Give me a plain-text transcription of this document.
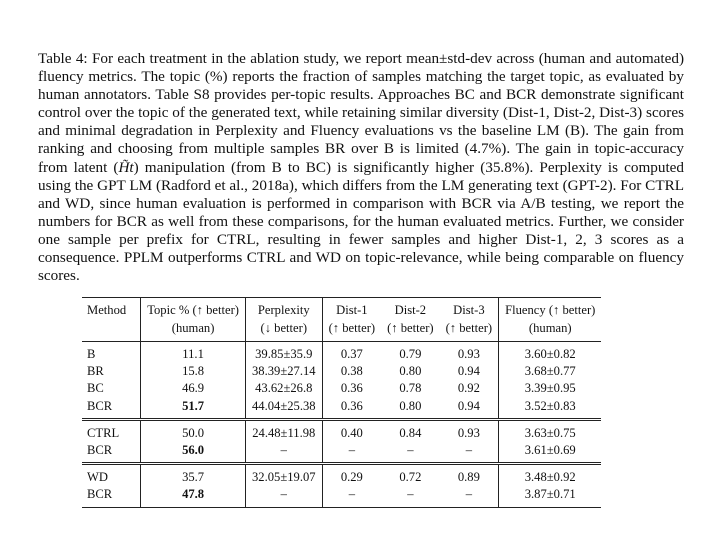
Table 4: For each treatment in the ablation study, we report mean±std-dev across (human and automated) fluency metrics. The topic (%) reports the fraction of samples matching the target topic, as evaluated by human annotators. Table S8 provides per-topic results. Approaches BC and BCR demonstrate significant control over the topic of the generated text, while retaining similar diversity (Dist-1, Dist-2, Dist-3) scores and minimal degradation in Perplexity and Fluency evaluations vs the baseline LM (B). The gain from ranking and choosing from multiple samples BR over B is limited (4.7%). The gain in topic-accuracy from latent (H̃t) manipulation (from B to BC) is significantly higher (35.8%). Perplexity is computed using the GPT LM (Radford et al., 2018a), which differs from the LM generating text (GPT-2). For CTRL and WD, since human evaluation is performed in comparison with BCR via A/B testing, we report the numbers for BCR as well from these comparisons, for the human evaluated metrics. Further, we consider one sample per prefix for CTRL, resulting in fewer samples and higher Dist-1, 2, 3 scores as a consequence. PPLM outperforms CTRL and WD on topic-relevance, while being comparable on fluency scores.
Method	Topic % (↑ better)	Perplexity	Dist-1	Dist-2	Dist-3	Fluency (↑ better)
	(human)	(↓ better)	(↑ better)	(↑ better)	(↑ better)	(human)
B	11.1	39.85±35.9	0.37	0.79	0.93	3.60±0.82
BR	15.8	38.39±27.14	0.38	0.80	0.94	3.68±0.77
BC	46.9	43.62±26.8	0.36	0.78	0.92	3.39±0.95
BCR	51.7	44.04±25.38	0.36	0.80	0.94	3.52±0.83
CTRL	50.0	24.48±11.98	0.40	0.84	0.93	3.63±0.75
BCR	56.0	–	–	–	–	3.61±0.69
WD	35.7	32.05±19.07	0.29	0.72	0.89	3.48±0.92
BCR	47.8	–	–	–	–	3.87±0.71
